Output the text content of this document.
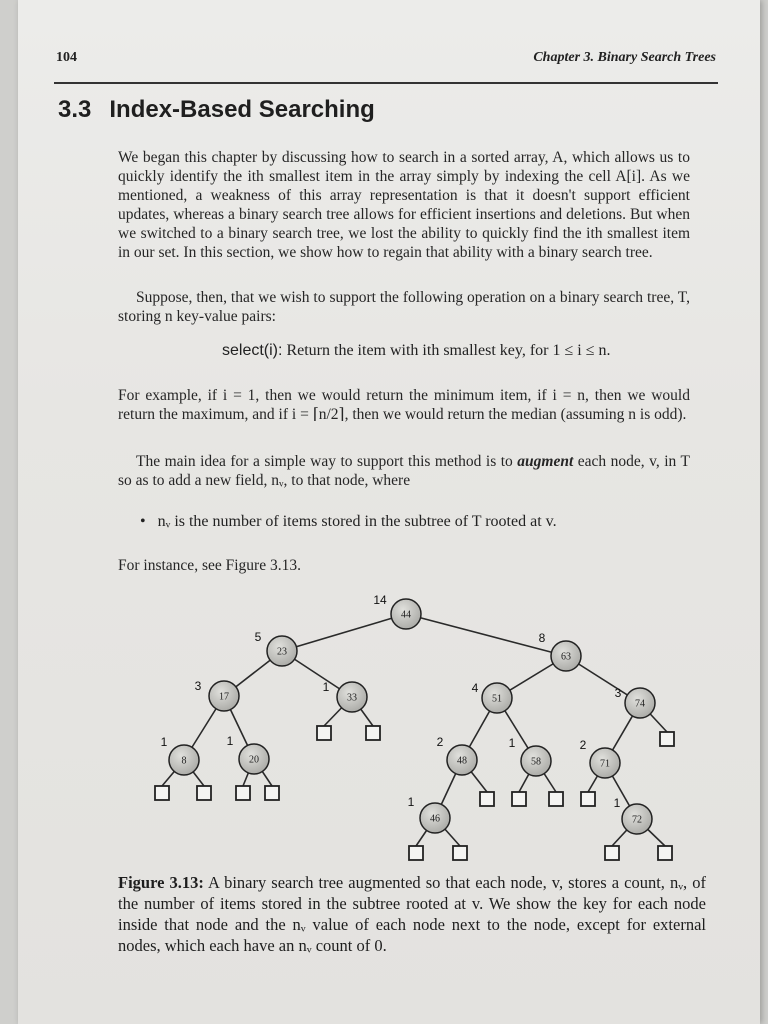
104	Chapter 3. Binary Search Trees
3.3 Index-Based Searching
We began this chapter by discussing how to search in a sorted array, A, which allows us to quickly identify the ith smallest item in the array simply by indexing the cell A[i]. As we mentioned, a weakness of this array representation is that it doesn't support efficient updates, whereas a binary search tree allows for efficient insertions and deletions. But when we switched to a binary search tree, we lost the ability to quickly find the ith smallest item in our set. In this section, we show how to regain that ability with a binary search tree.
Suppose, then, that we wish to support the following operation on a binary search tree, T, storing n key-value pairs:
select(i): Return the item with ith smallest key, for 1 ≤ i ≤ n.
For example, if i = 1, then we would return the minimum item, if i = n, then we would return the maximum, and if i = ⌈n/2⌉, then we would return the median (assuming n is odd).
The main idea for a simple way to support this method is to augment each node, v, in T so as to add a new field, nᵥ, to that node, where
• nᵥ is the number of items stored in the subtree of T rooted at v.
For instance, see Figure 3.13.
44
14
23
5
63
8
17
3
33
1
51
4
74
3
8
1
20
1
48
2
58
1
71
2
46
1
72
1
Figure 3.13: A binary search tree augmented so that each node, v, stores a count, nᵥ, of the number of items stored in the subtree rooted at v. We show the key for each node inside that node and the nᵥ value of each node next to the node, except for external nodes, which each have an nᵥ count of 0.
